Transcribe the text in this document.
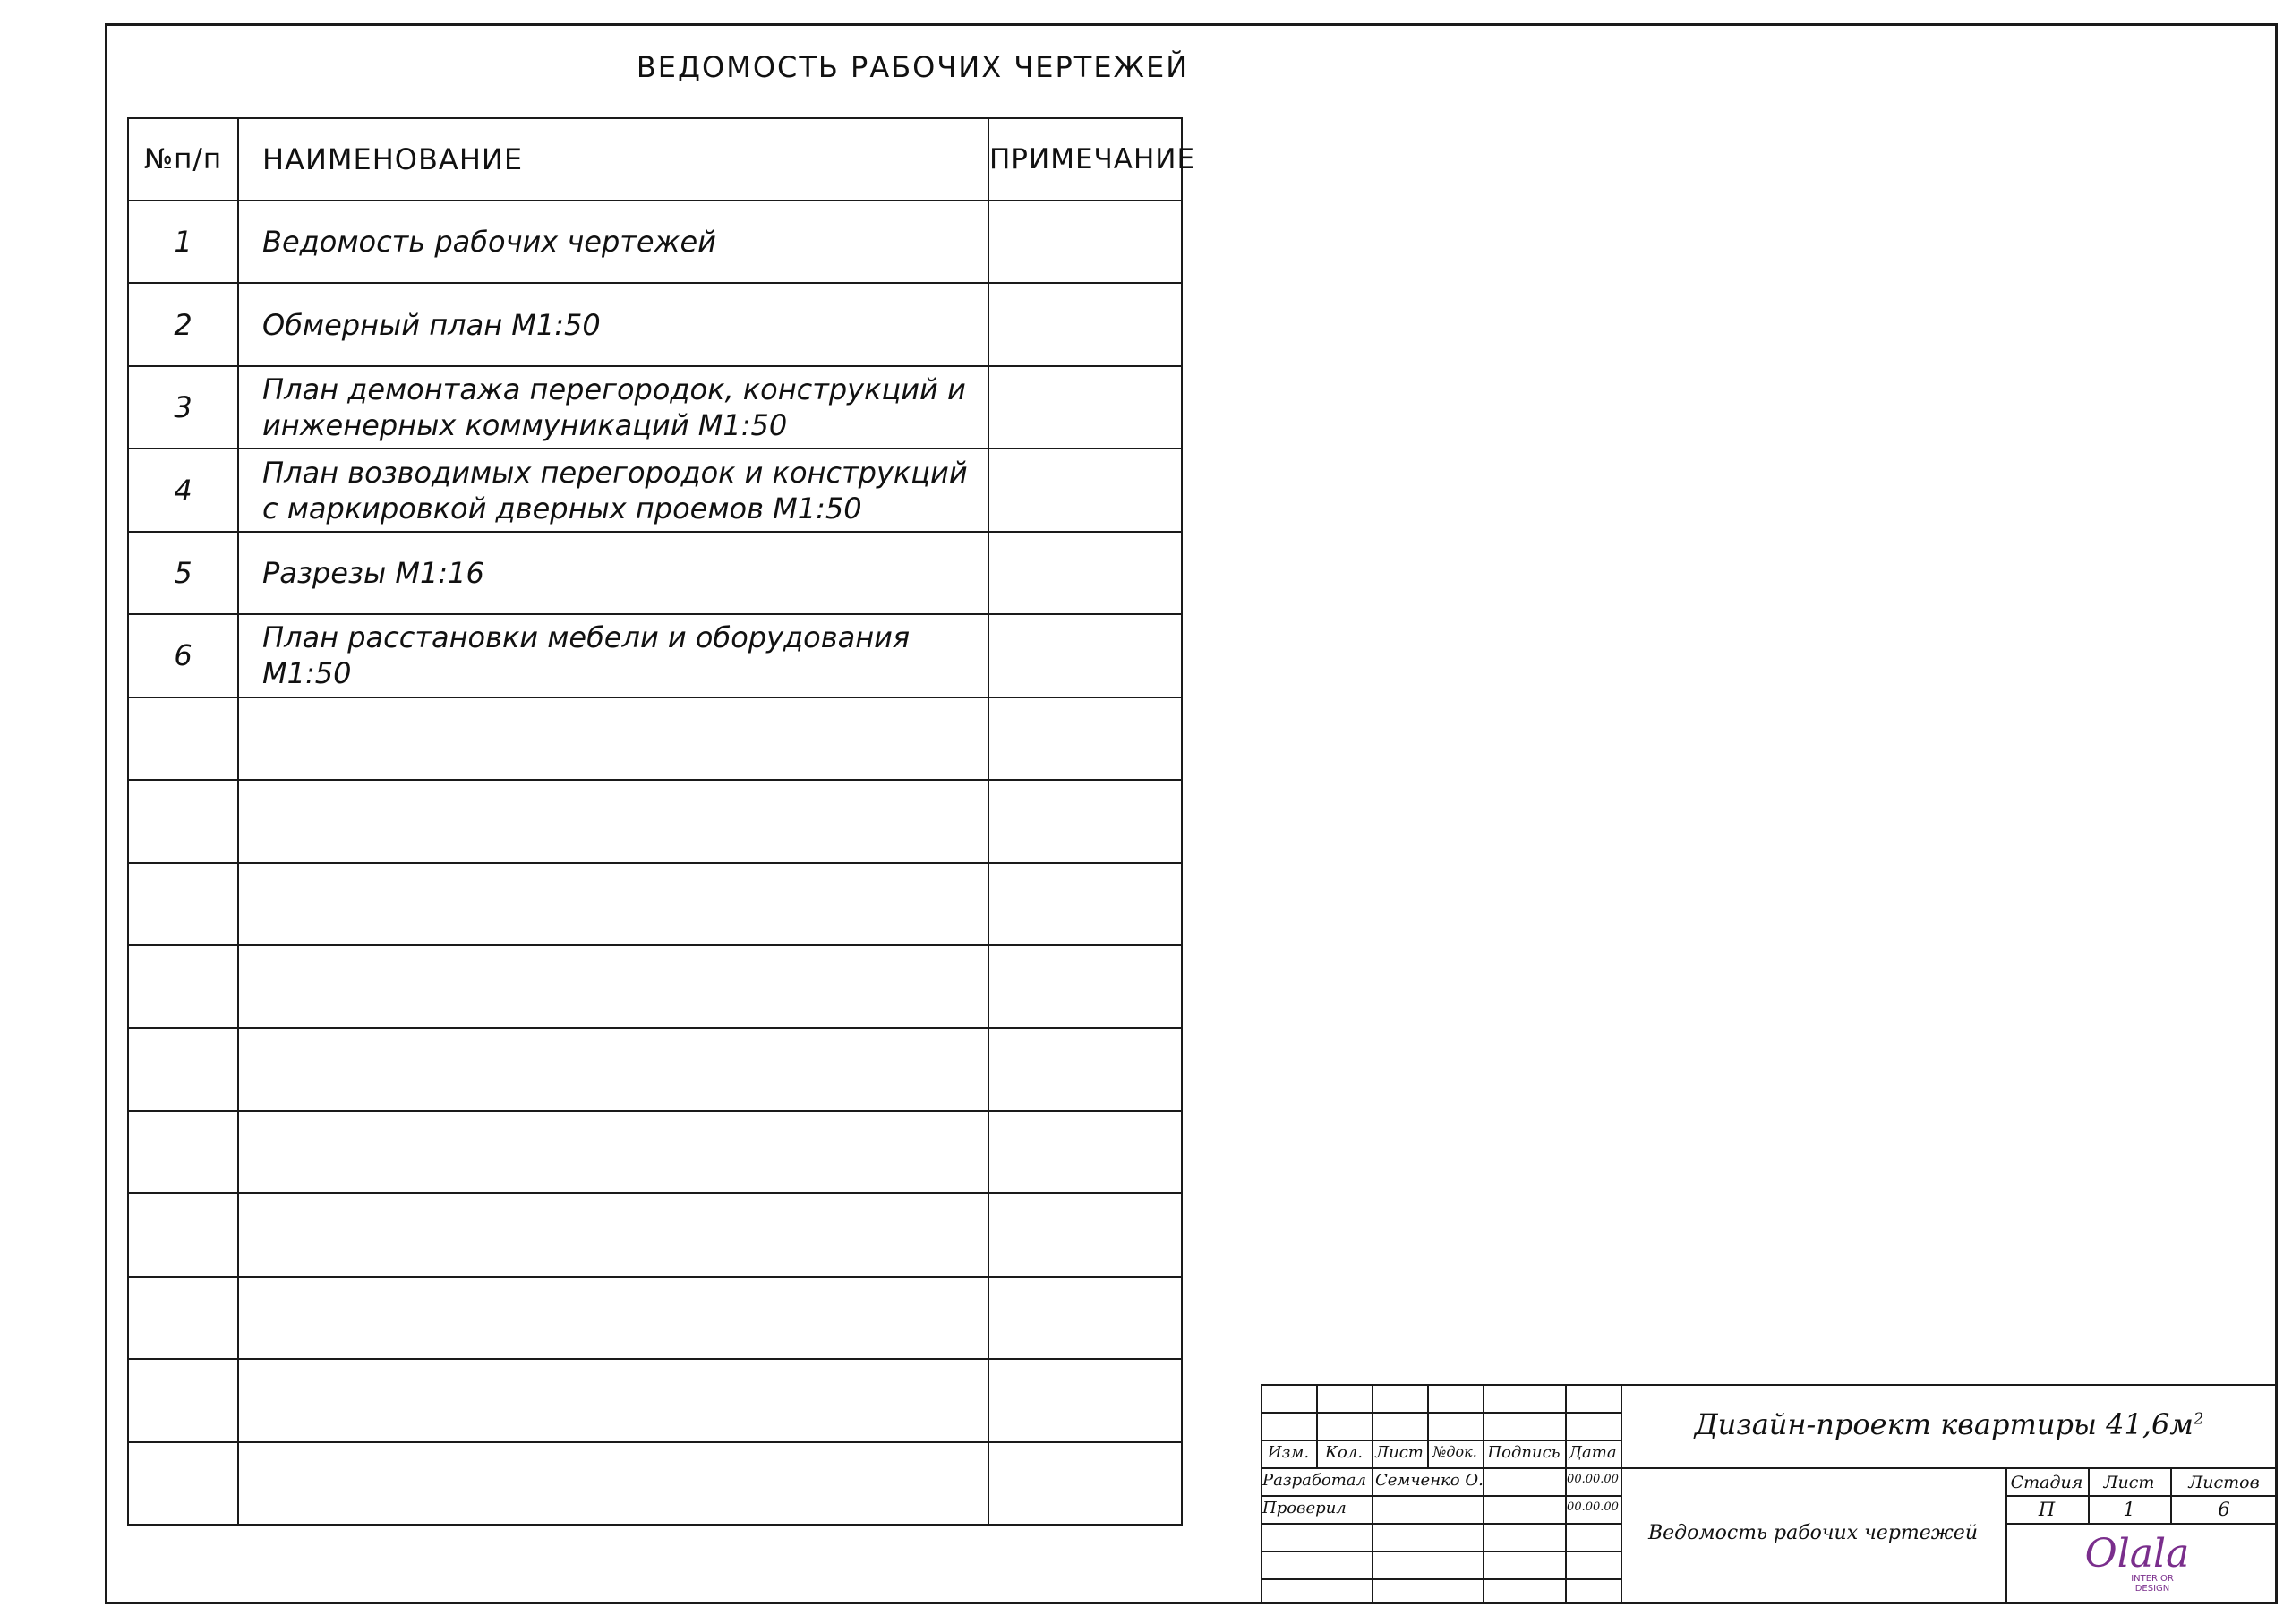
ВЕДОМОСТЬ РАБОЧИХ ЧЕРТЕЖЕЙ
№п/п	НАИМЕНОВАНИЕ	ПРИМЕЧАНИЕ
1	Ведомость рабочих чертежей	
2	Обмерный план М1:50	
3	План демонтажа перегородок, конструкций и инженерных коммуникаций М1:50	
4	План возводимых перегородок и конструкций с маркировкой дверных проемов М1:50	
5	Разрезы М1:16	
6	План расстановки мебели и оборудования М1:50	

Изм. Кол. Лист №док. Подпись Дата
Разработал Семченко О.	00.00.00
Проверил	00.00.00
Дизайн-проект квартиры $41,6м^2$
Ведомость рабочих чертежей
Стадия	Лист	Листов
П	1	6
Olala
INTERIOR
DESIGN
